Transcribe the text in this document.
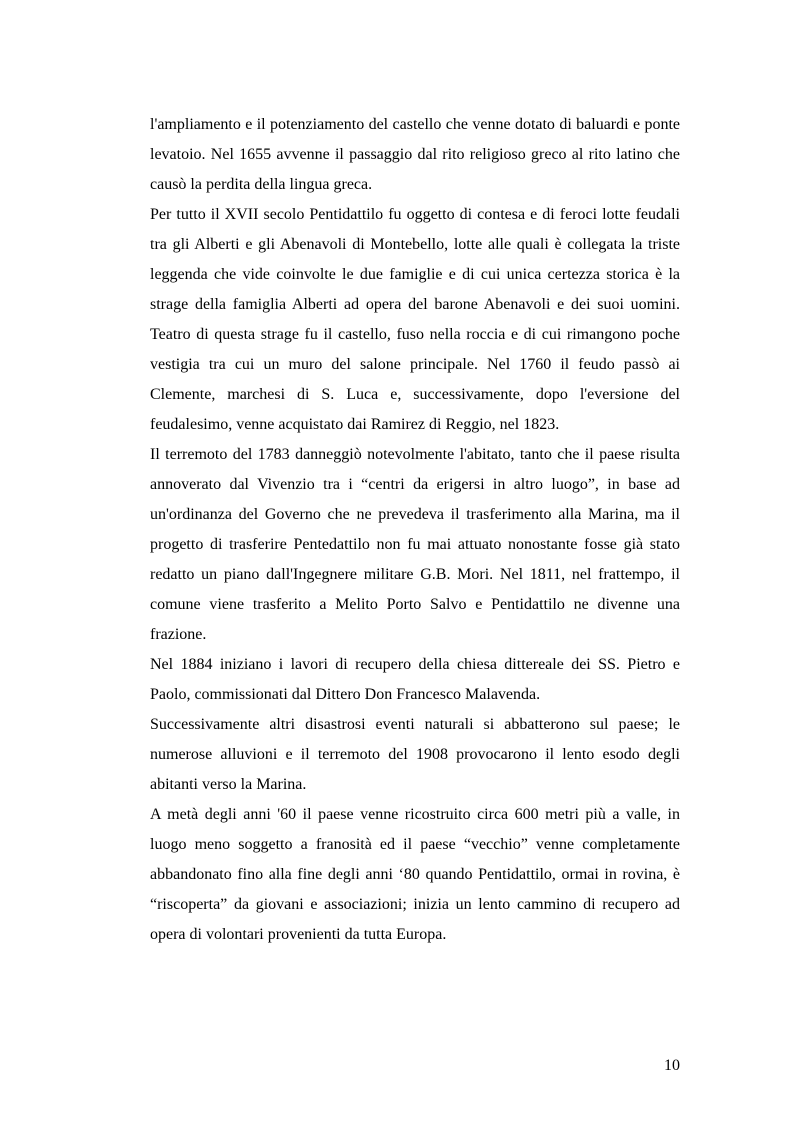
l'ampliamento e il potenziamento del castello che venne dotato di baluardi e ponte levatoio. Nel 1655 avvenne il passaggio dal rito religioso greco al rito latino che causò la perdita della lingua greca.

Per tutto il XVII secolo Pentidattilo fu oggetto di contesa e di feroci lotte feudali tra gli Alberti e gli Abenavoli di Montebello, lotte alle quali è collegata la triste leggenda che vide coinvolte le due famiglie e di cui unica certezza storica è la strage della famiglia Alberti ad opera del barone Abenavoli e dei suoi uomini. Teatro di questa strage fu il castello, fuso nella roccia e di cui rimangono poche vestigia tra cui un muro del salone principale. Nel 1760 il feudo passò ai Clemente, marchesi di S. Luca e, successivamente, dopo l'eversione del feudalesimo, venne acquistato dai Ramirez di Reggio, nel 1823.

Il terremoto del 1783 danneggiò notevolmente l'abitato, tanto che il paese risulta annoverato dal Vivenzio tra i “centri da erigersi in altro luogo”, in base ad un'ordinanza del Governo che ne prevedeva il trasferimento alla Marina, ma il progetto di trasferire Pentedattilo non fu mai attuato nonostante fosse già stato redatto un piano dall'Ingegnere militare G.B. Mori. Nel 1811, nel frattempo, il comune viene trasferito a Melito Porto Salvo e Pentidattilo ne divenne una frazione.

Nel 1884 iniziano i lavori di recupero della chiesa dittereale dei SS. Pietro e Paolo, commissionati dal Dittero Don Francesco Malavenda.

Successivamente altri disastrosi eventi naturali si abbatterono sul paese; le numerose alluvioni e il terremoto del 1908 provocarono il lento esodo degli abitanti verso la Marina.

A metà degli anni '60 il paese venne ricostruito circa 600 metri più a valle, in luogo meno soggetto a franosità ed il paese “vecchio” venne completamente abbandonato fino alla fine degli anni ‘80 quando Pentidattilo, ormai in rovina, è “riscoperta” da giovani e associazioni; inizia un lento cammino di recupero ad opera di volontari provenienti da tutta Europa.

10
